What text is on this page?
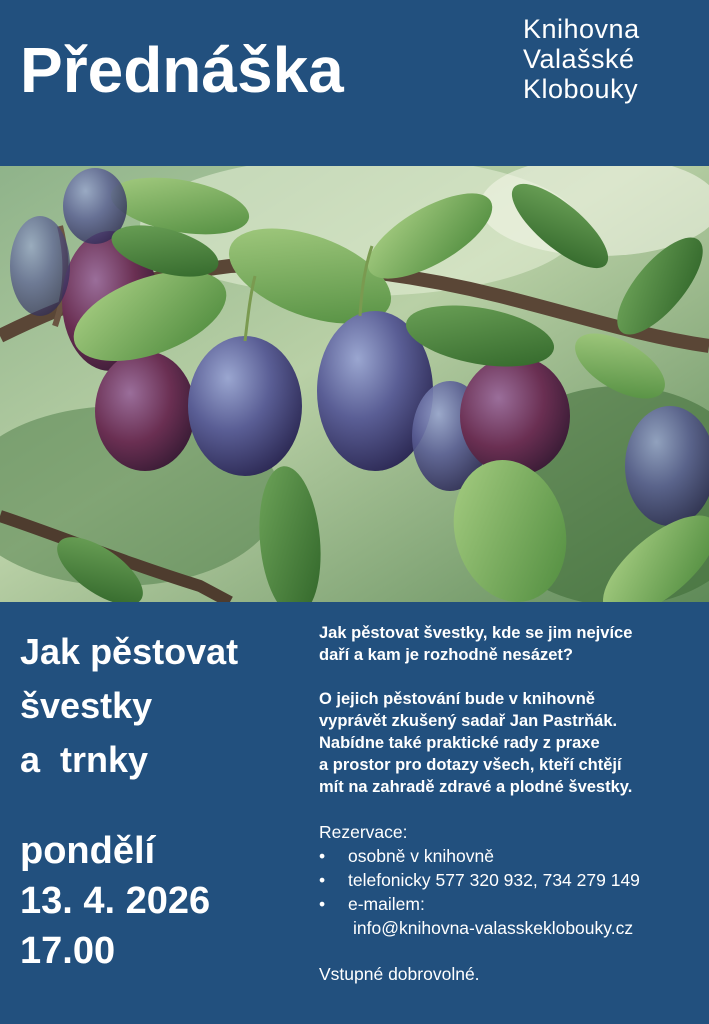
Přednáška
Knihovna
Valašské
Klobouky
Jak pěstovat
švestky
a  trnky
pondělí
13. 4. 2026
17.00

Jak pěstovat švestky, kde se jim nejvíce
daří a kam je rozhodně nesázet?

O jejich pěstování bude v knihovně
vyprávět zkušený sadař Jan Pastrňák.
Nabídne také praktické rady z praxe
a prostor pro dotazy všech, kteří chtějí
mít na zahradě zdravé a plodné švestky.

Rezervace:
• osobně v knihovně
• telefonicky 577 320 932, 734 279 149
• e-mailem:
info@knihovna-valasskeklobouky.cz
Vstupné dobrovolné.
